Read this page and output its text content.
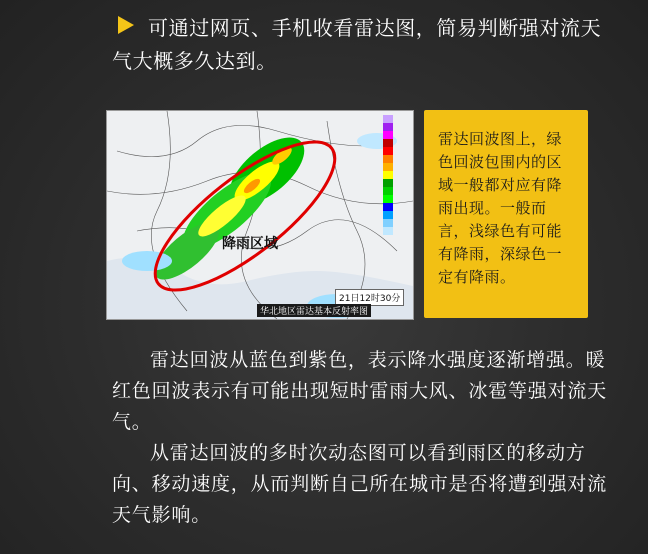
可通过网页、手机收看雷达图，简易判断强对流天气大概多久达到。
降雨区域
21日12时30分
华北地区雷达基本反射率图
雷达回波图上，绿色回波包围内的区域一般都对应有降雨出现。一般而言，浅绿色有可能有降雨，深绿色一定有降雨。

雷达回波从蓝色到紫色，表示降水强度逐渐增强。暖红色回波表示有可能出现短时雷雨大风、冰雹等强对流天气。

从雷达回波的多时次动态图可以看到雨区的移动方向、移动速度，从而判断自己所在城市是否将遭到强对流天气影响。
